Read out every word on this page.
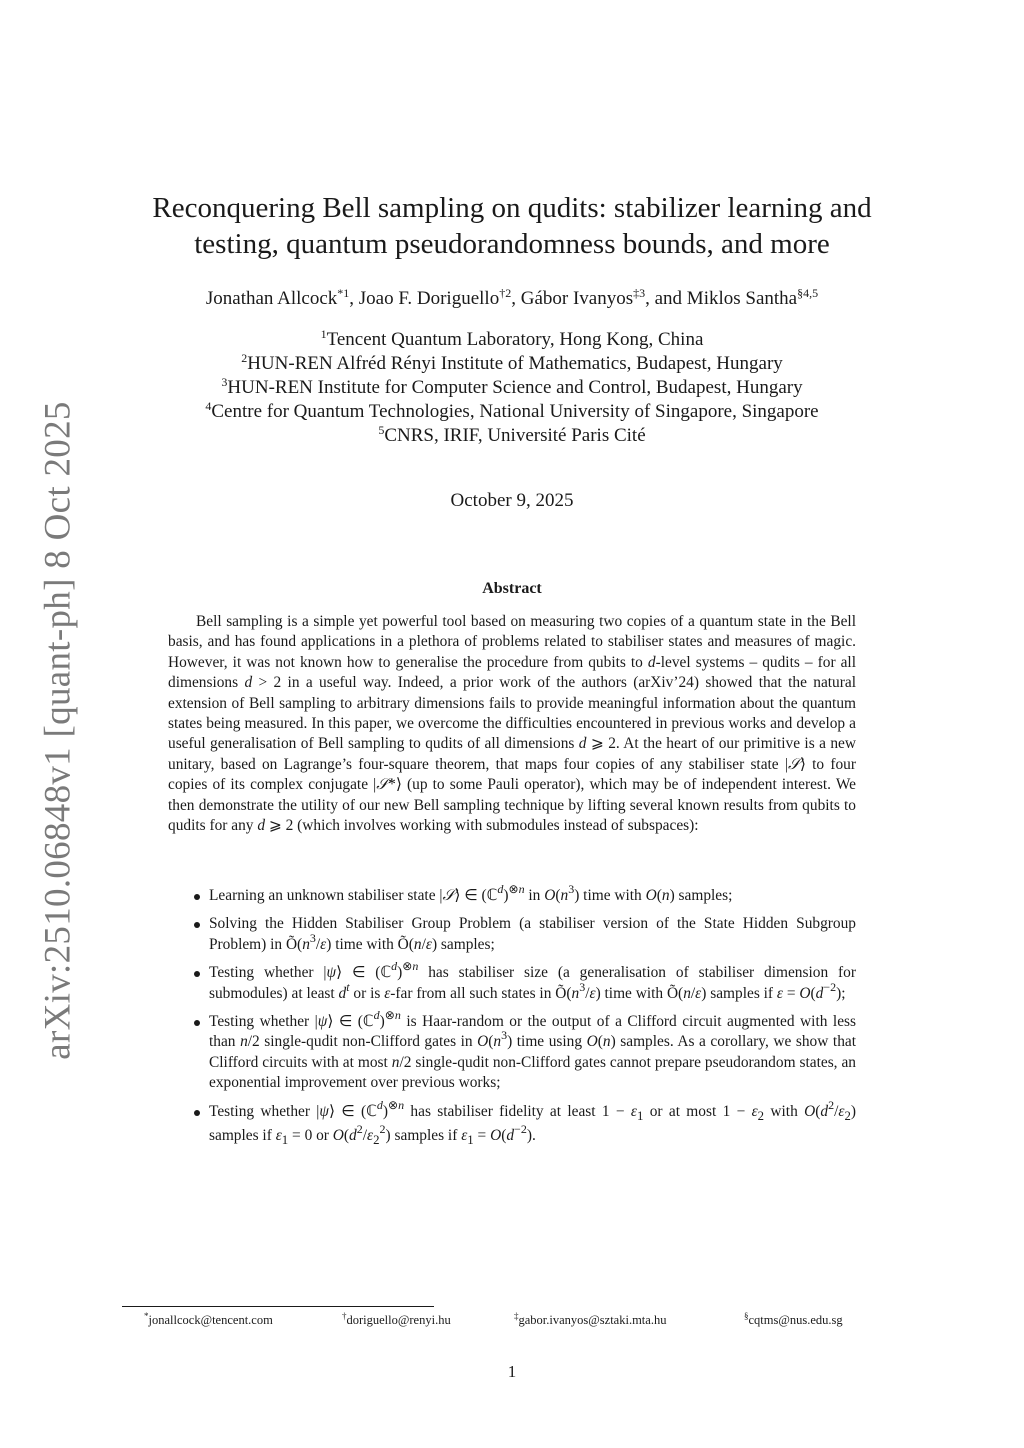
arXiv:2510.06848v1 [quant-ph] 8 Oct 2025
Reconquering Bell sampling on qudits: stabilizer learning and
testing, quantum pseudorandomness bounds, and more
Jonathan Allcock$^{*1}$, Joao F. Doriguello$^{\dagger 2}$, Gábor Ivanyos$^{\ddagger 3}$, and Miklos Santha$^{\S 4,5}$
$^1$Tencent Quantum Laboratory, Hong Kong, China
$^2$HUN-REN Alfréd Rényi Institute of Mathematics, Budapest, Hungary
$^3$HUN-REN Institute for Computer Science and Control, Budapest, Hungary
$^4$Centre for Quantum Technologies, National University of Singapore, Singapore
$^5$CNRS, IRIF, Université Paris Cité
October 9, 2025
Abstract

Bell sampling is a simple yet powerful tool based on measuring two copies of a quantum state in the Bell basis, and has found applications in a plethora of problems related to stabiliser states and measures of magic. However, it was not known how to generalise the procedure from qubits to d-level systems – qudits – for all dimensions d > 2 in a useful way. Indeed, a prior work of the authors (arXiv’24) showed that the natural extension of Bell sampling to arbitrary dimensions fails to provide meaningful information about the quantum states being measured. In this paper, we overcome the difficulties encountered in previous works and develop a useful generalisation of Bell sampling to qudits of all dimensions d ⩾ 2. At the heart of our primitive is a new unitary, based on Lagrange’s four-square theorem, that maps four copies of any stabiliser state |𝒮⟩ to four copies of its complex conjugate |𝒮*⟩ (up to some Pauli operator), which may be of independent interest. We then demonstrate the utility of our new Bell sampling technique by lifting several known results from qubits to qudits for any d ⩾ 2 (which involves working with submodules instead of subspaces):

Learning an unknown stabiliser state |𝒮⟩ ∈ (ℂ$^d$)$^{\otimes n}$ in $O(n^3)$ time with O(n) samples;
Solving the Hidden Stabiliser Group Problem (a stabiliser version of the State Hidden Subgroup Problem) in $Õ(n^3/\varepsilon)$ time with Õ(n/ε) samples;
Testing whether |ψ⟩ ∈ (ℂ$^d$)$^{\otimes n}$ has stabiliser size (a generalisation of stabiliser dimension for submodules) at least $d^t$ or is ε-far from all such states in $Õ(n^3/\varepsilon)$ time with Õ(n/ε) samples if $\varepsilon = O(d^{-2})$;
Testing whether |ψ⟩ ∈ (ℂ$^d$)$^{\otimes n}$ is Haar-random or the output of a Clifford circuit augmented with less than n/2 single-qudit non-Clifford gates in $O(n^3)$ time using O(n) samples. As a corollary, we show that Clifford circuits with at most n/2 single-qudit non-Clifford gates cannot prepare pseudorandom states, an exponential improvement over previous works;
Testing whether |ψ⟩ ∈ (ℂ$^d$)$^{\otimes n}$ has stabiliser fidelity at least $1 - \varepsilon_1$ or at most $1 - \varepsilon_2$ with $O(d^2/\varepsilon_2)$ samples if $\varepsilon_1 = 0$ or $O(d^2/\varepsilon_2^2)$ samples if $\varepsilon_1 = O(d^{-2})$.
*jonallcock@tencent.com	†doriguello@renyi.hu	‡gabor.ivanyos@sztaki.mta.hu	§cqtms@nus.edu.sg
1
